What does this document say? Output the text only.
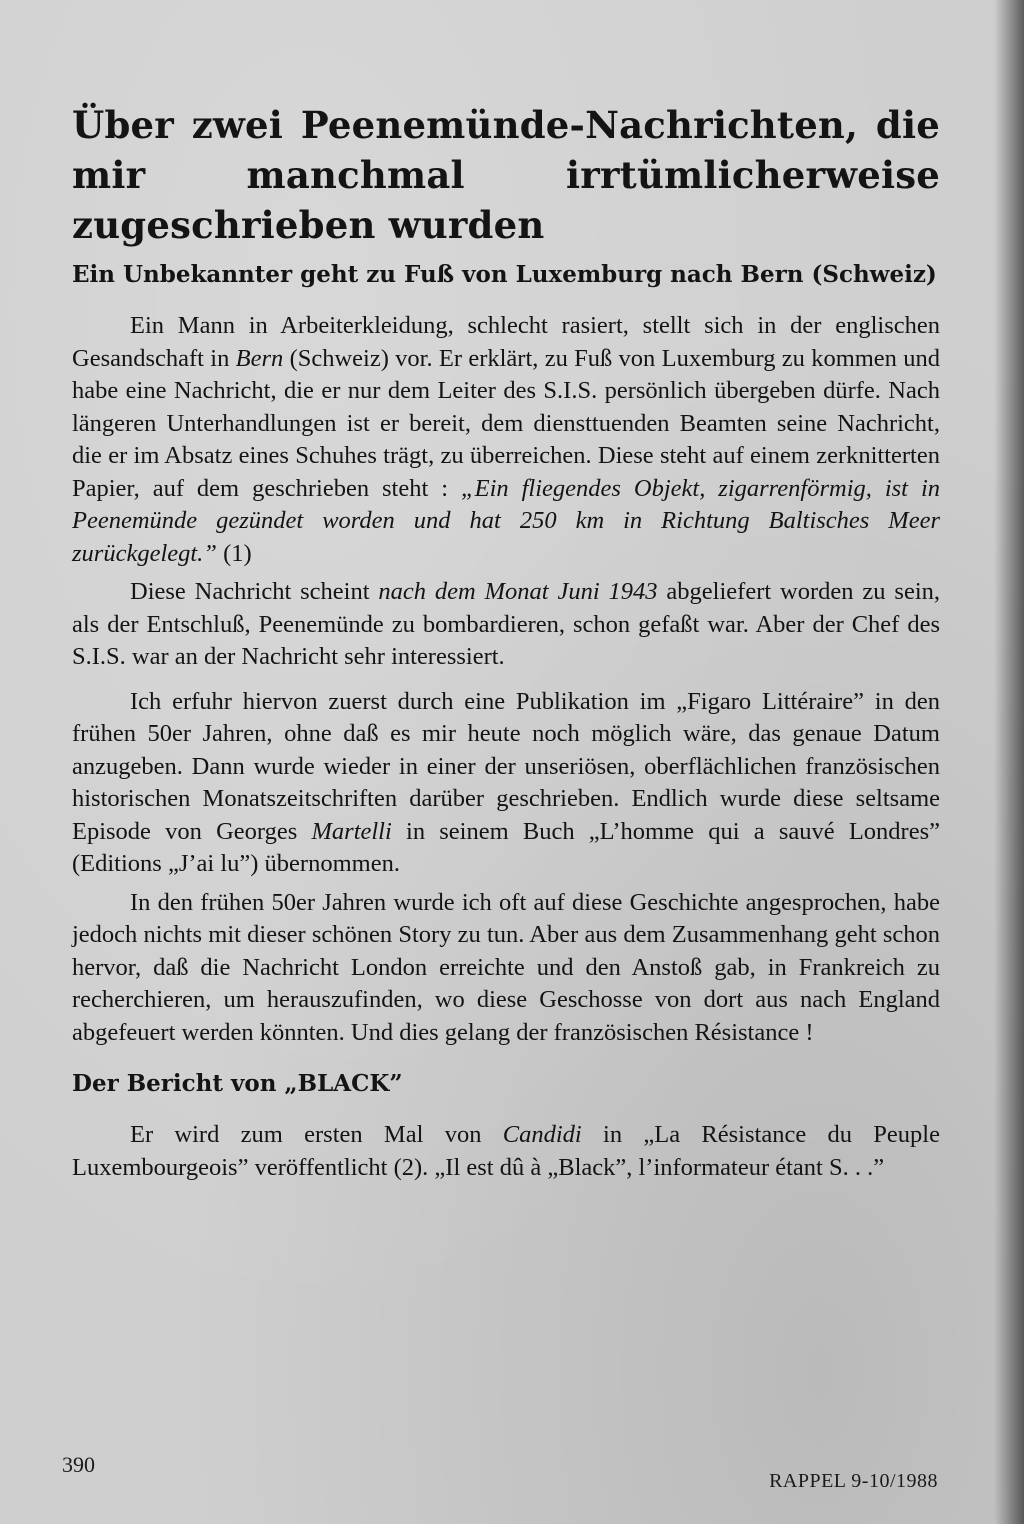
Über zwei Peenemünde-Nachrichten, die mir manchmal irrtümlicherweise zugeschrieben wurden
Ein Unbekannter geht zu Fuß von Luxemburg nach Bern (Schweiz)

Ein Mann in Arbeiterkleidung, schlecht rasiert, stellt sich in der englischen Gesandschaft in Bern (Schweiz) vor. Er erklärt, zu Fuß von Luxemburg zu kommen und habe eine Nachricht, die er nur dem Leiter des S.I.S. persönlich übergeben dürfe. Nach längeren Unterhandlungen ist er bereit, dem diensttuenden Beamten seine Nachricht, die er im Absatz eines Schuhes trägt, zu überreichen. Diese steht auf einem zerknitterten Papier, auf dem geschrieben steht : „Ein fliegendes Objekt, zigarrenförmig, ist in Peenemünde gezündet worden und hat 250 km in Richtung Baltisches Meer zurückgelegt.” (1)

Diese Nachricht scheint nach dem Monat Juni 1943 abgeliefert worden zu sein, als der Entschluß, Peenemünde zu bombardieren, schon gefaßt war. Aber der Chef des S.I.S. war an der Nachricht sehr interessiert.

Ich erfuhr hiervon zuerst durch eine Publikation im „Figaro Littéraire” in den frühen 50er Jahren, ohne daß es mir heute noch möglich wäre, das genaue Datum anzugeben. Dann wurde wieder in einer der unseriösen, oberflächlichen französischen historischen Monatszeitschriften darüber geschrieben. Endlich wurde diese seltsame Episode von Georges Martelli in seinem Buch „L’homme qui a sauvé Londres” (Editions „J’ai lu”) übernommen.

In den frühen 50er Jahren wurde ich oft auf diese Geschichte angesprochen, habe jedoch nichts mit dieser schönen Story zu tun. Aber aus dem Zusammenhang geht schon hervor, daß die Nachricht London erreichte und den Anstoß gab, in Frankreich zu recherchieren, um herauszufinden, wo diese Geschosse von dort aus nach England abgefeuert werden könnten. Und dies gelang der französischen Résistance !

Der Bericht von „BLACK”

Er wird zum ersten Mal von Candidi in „La Résistance du Peuple Luxembourgeois” veröffentlicht (2). „Il est dû à „Black”, l’informateur étant S. . .”

390
RAPPEL 9-10/1988
